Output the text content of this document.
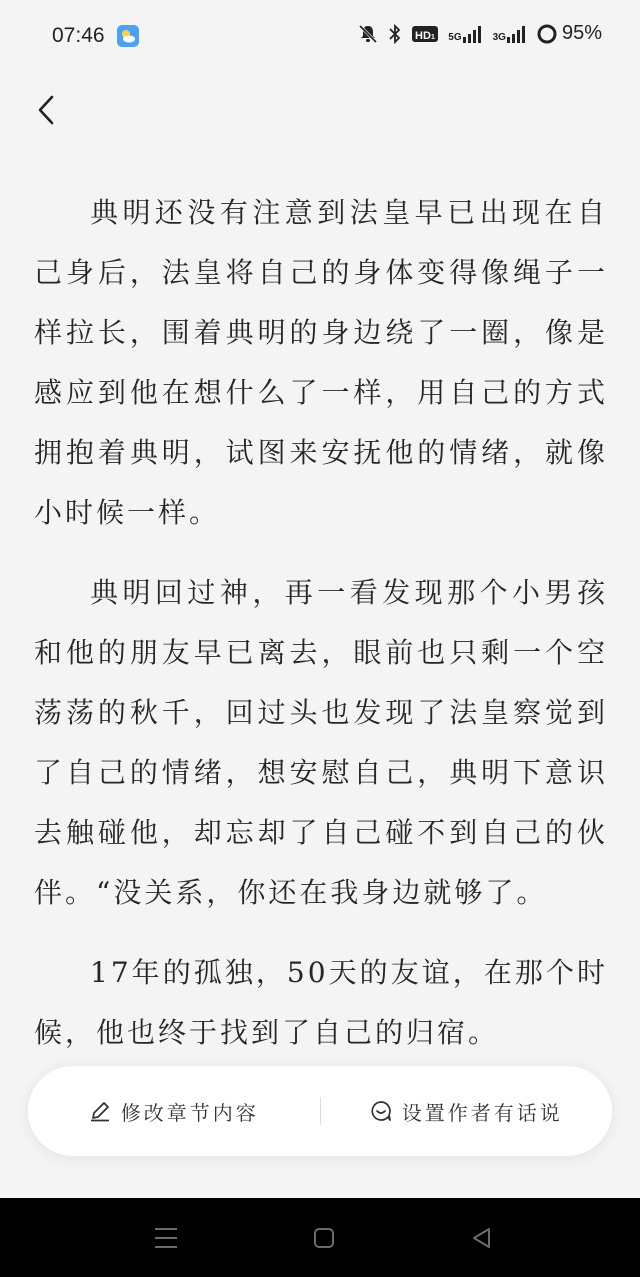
07:46	HD 1 5G	3G	95%

典明还没有注意到法皇早已出现在自己身后，法皇将自己的身体变得像绳子一样拉长，围着典明的身边绕了一圈，像是感应到他在想什么了一样，用自己的方式拥抱着典明，试图来安抚他的情绪，就像小时候一样。

典明回过神，再一看发现那个小男孩和他的朋友早已离去，眼前也只剩一个空荡荡的秋千，回过头也发现了法皇察觉到了自己的情绪，想安慰自己，典明下意识去触碰他，却忘却了自己碰不到自己的伙伴。“没关系，你还在我身边就够了。

17年的孤独，50天的友谊，在那个时候，他也终于找到了自己的归宿。

修改章节内容	设置作者有话说
